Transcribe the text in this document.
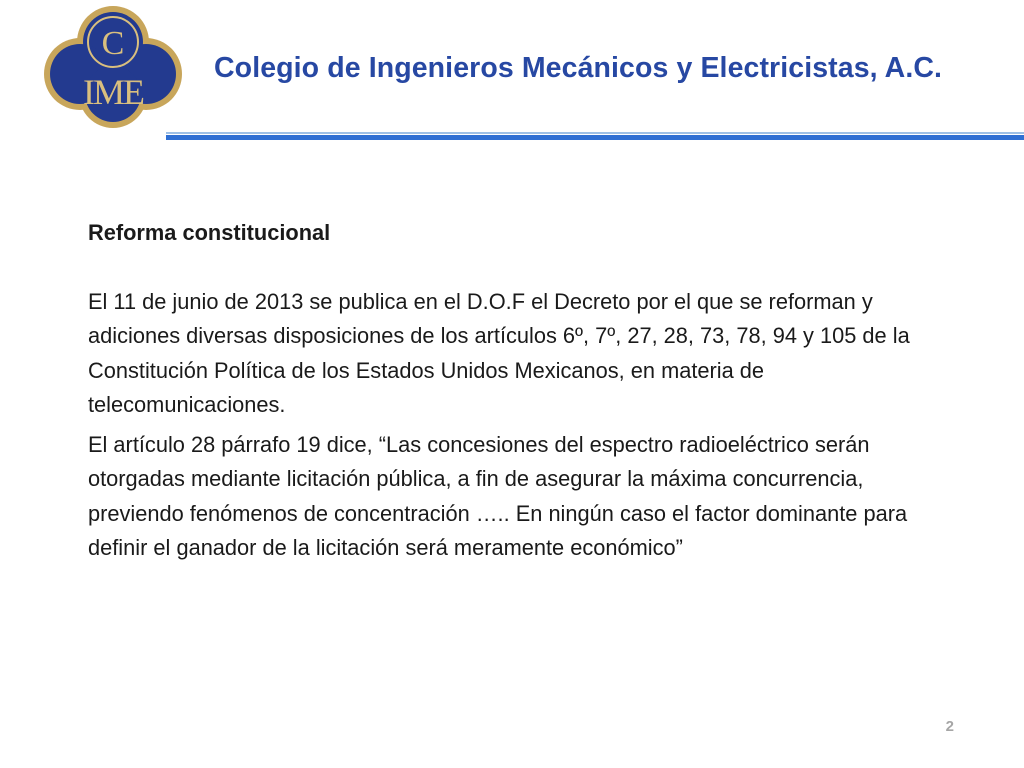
C
IME
Colegio de Ingenieros Mecánicos y Electricistas, A.C.

Reforma constitucional

El 11 de junio de 2013 se publica en el D.O.F el Decreto por el que se reforman y adiciones diversas disposiciones de los artículos 6º, 7º, 27, 28, 73, 78, 94 y 105 de la Constitución Política de los Estados Unidos Mexicanos, en materia de telecomunicaciones.

El artículo 28 párrafo 19 dice, “Las concesiones del espectro radioeléctrico serán otorgadas mediante licitación pública, a fin de asegurar la máxima concurrencia, previendo fenómenos de concentración ….. En ningún caso el factor dominante para definir el ganador de la licitación será meramente económico”

2
